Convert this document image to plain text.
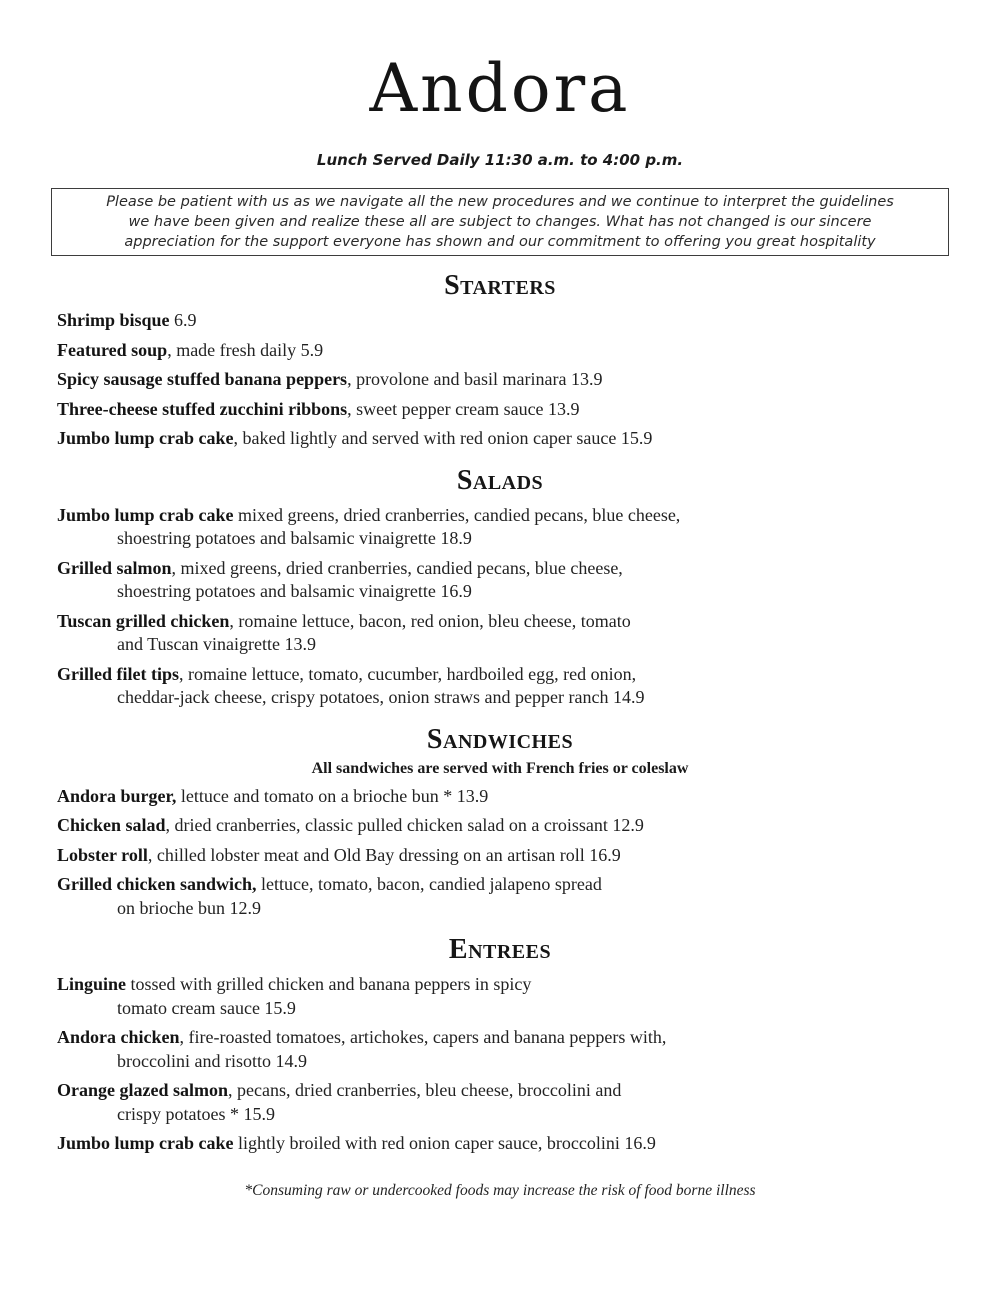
Andora
Lunch Served Daily 11:30 a.m. to 4:00 p.m.
Please be patient with us as we navigate all the new procedures and we continue to interpret the guidelines
we have been given and realize these all are subject to changes. What has not changed is our sincere
appreciation for the support everyone has shown and our commitment to offering you great hospitality
Starters

Shrimp bisque 6.9

Featured soup, made fresh daily 5.9

Spicy sausage stuffed banana peppers, provolone and basil marinara 13.9

Three-cheese stuffed zucchini ribbons, sweet pepper cream sauce 13.9

Jumbo lump crab cake, baked lightly and served with red onion caper sauce 15.9

Salads

Jumbo lump crab cake mixed greens, dried cranberries, candied pecans, blue cheese,
shoestring potatoes and balsamic vinaigrette 18.9

Grilled salmon, mixed greens, dried cranberries, candied pecans, blue cheese,
shoestring potatoes and balsamic vinaigrette 16.9

Tuscan grilled chicken, romaine lettuce, bacon, red onion, bleu cheese, tomato
and Tuscan vinaigrette 13.9

Grilled filet tips, romaine lettuce, tomato, cucumber, hardboiled egg, red onion,
cheddar-jack cheese, crispy potatoes, onion straws and pepper ranch 14.9

Sandwiches
All sandwiches are served with French fries or coleslaw

Andora burger, lettuce and tomato on a brioche bun * 13.9

Chicken salad, dried cranberries, classic pulled chicken salad on a croissant 12.9

Lobster roll, chilled lobster meat and Old Bay dressing on an artisan roll 16.9

Grilled chicken sandwich, lettuce, tomato, bacon, candied jalapeno spread
on brioche bun 12.9

Entrees

Linguine tossed with grilled chicken and banana peppers in spicy
tomato cream sauce 15.9

Andora chicken, fire-roasted tomatoes, artichokes, capers and banana peppers with,
broccolini and risotto 14.9

Orange glazed salmon, pecans, dried cranberries, bleu cheese, broccolini and
crispy potatoes * 15.9

Jumbo lump crab cake lightly broiled with red onion caper sauce, broccolini 16.9

*Consuming raw or undercooked foods may increase the risk of food borne illness
